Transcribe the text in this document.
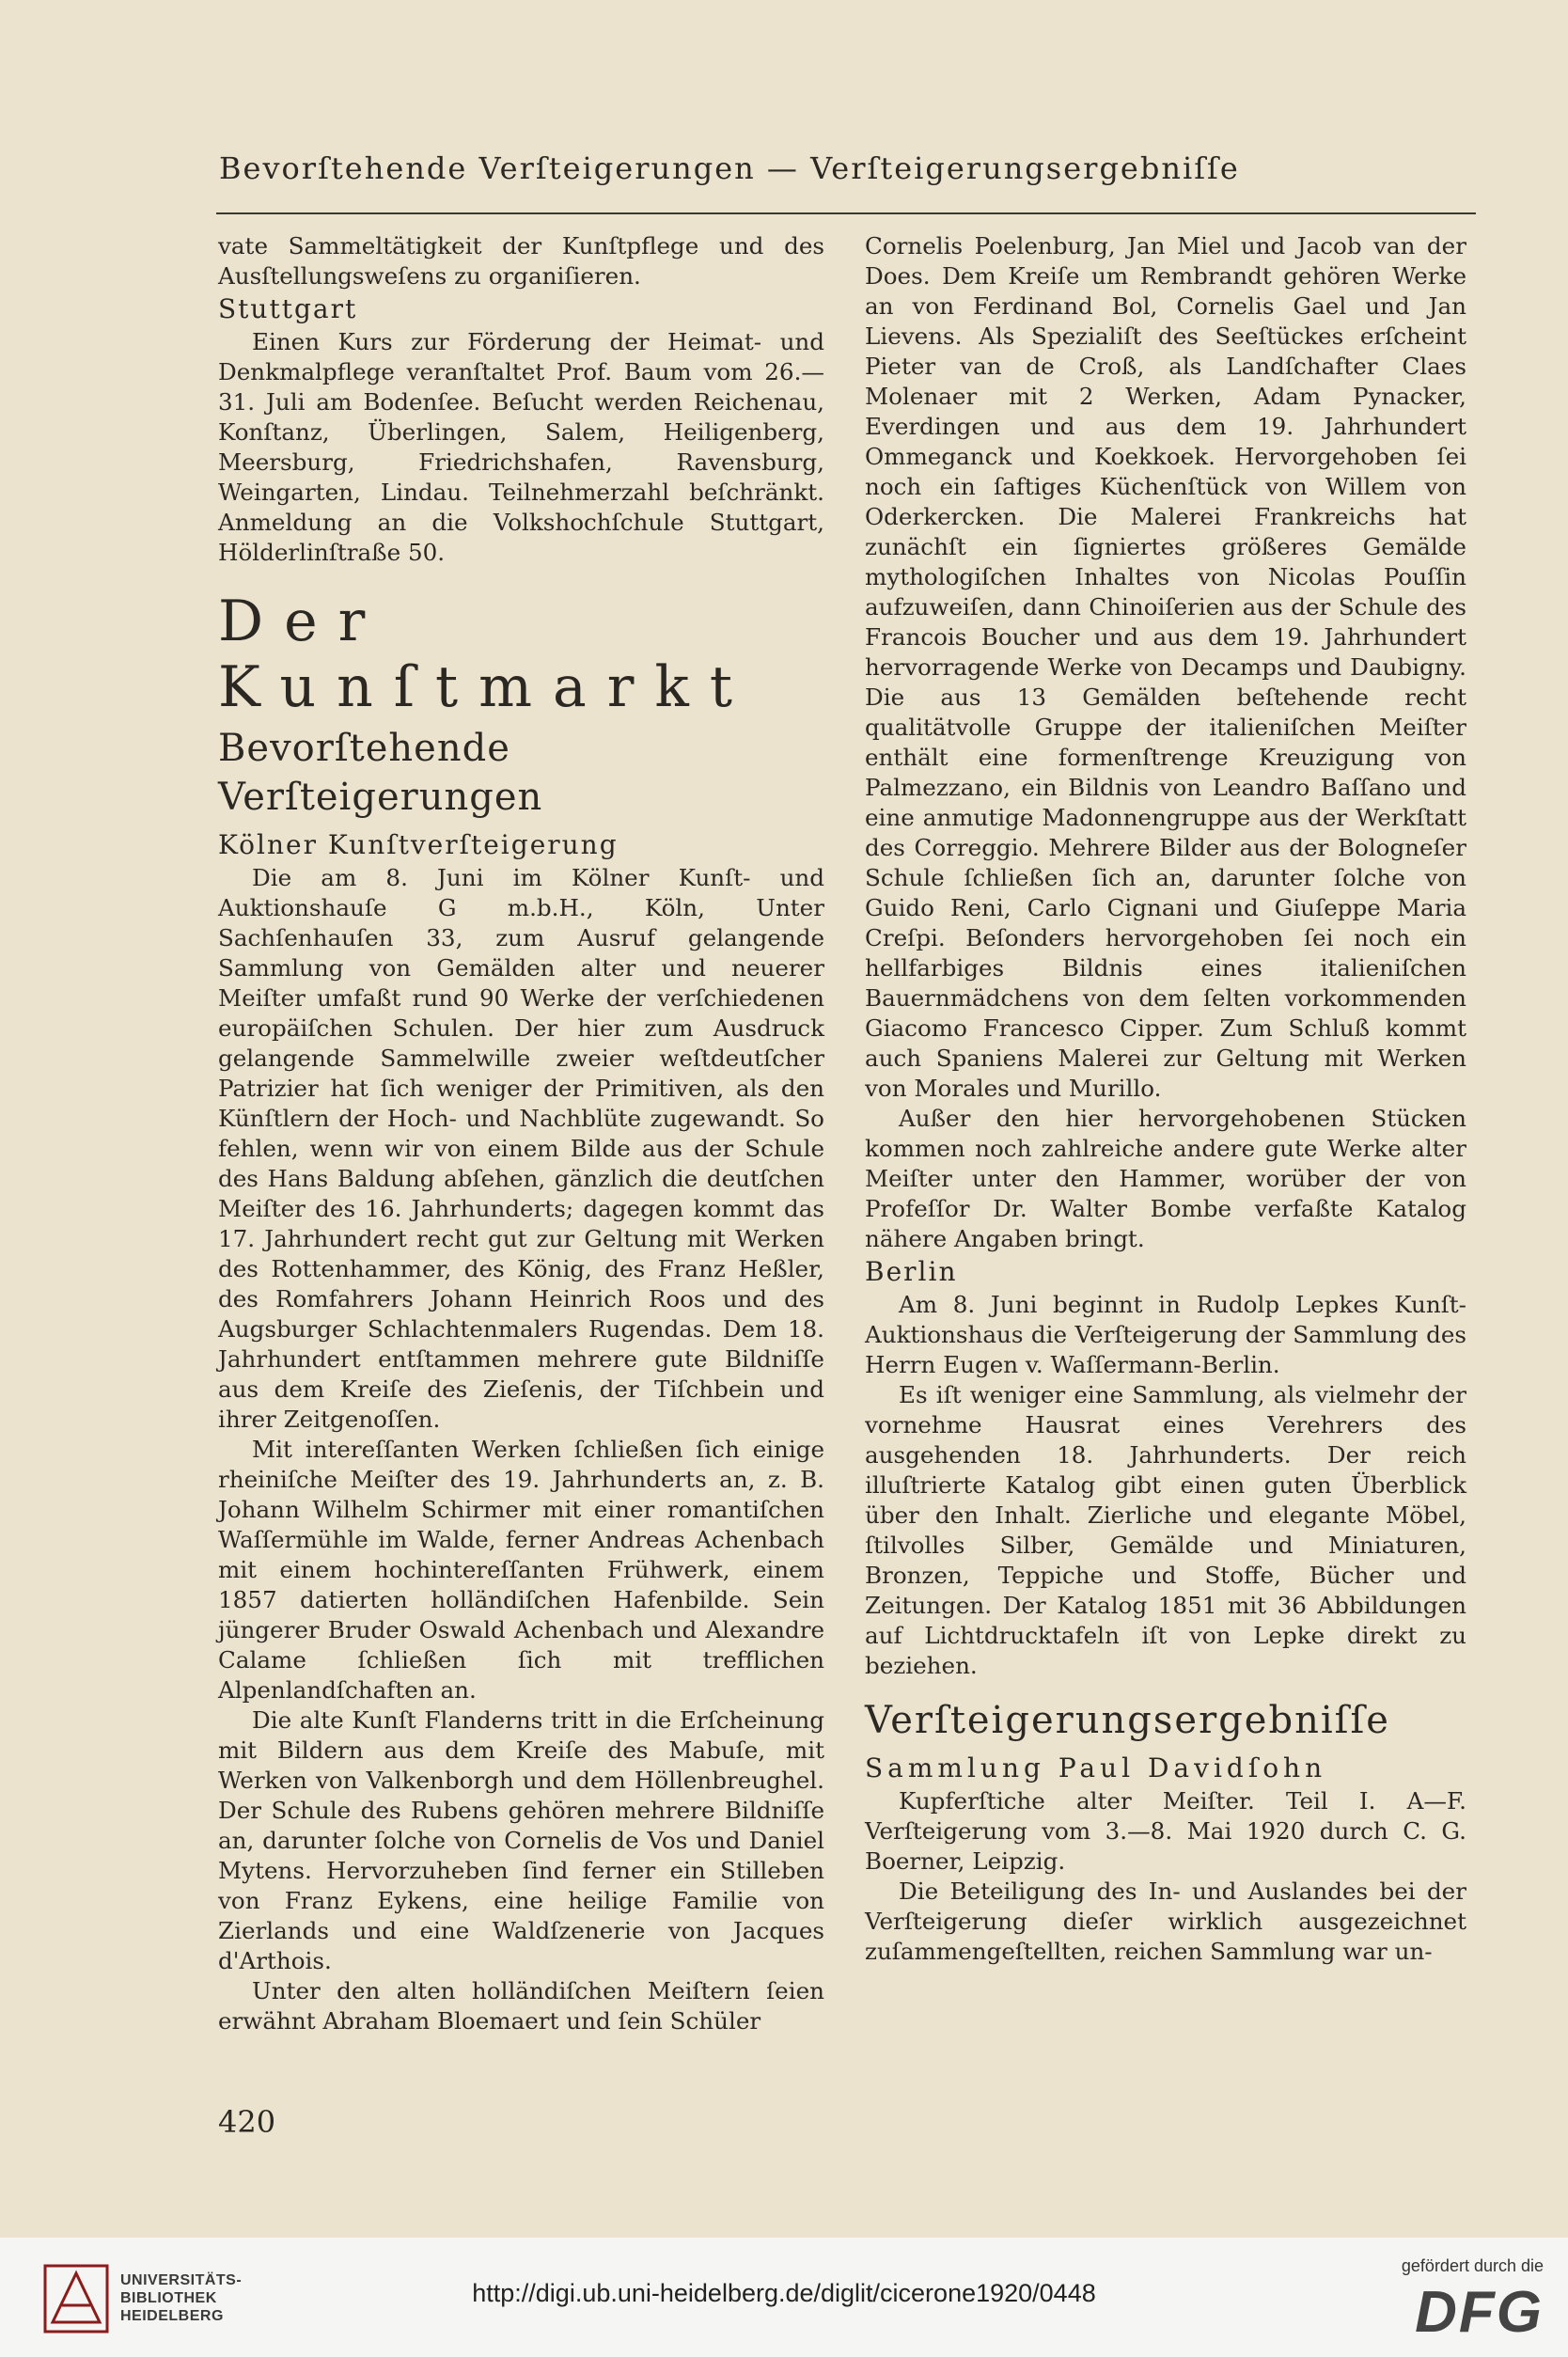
Bevorſtehende Verſteigerungen — Verſteigerungsergebniſſe

vate Sammeltätigkeit der Kunſtpflege und des Ausſtellungsweſens zu organiſieren.

Stuttgart

Einen Kurs zur Förderung der Heimat- und Denkmalpflege veranſtaltet Prof. Baum vom 26.—31. Juli am Bodenſee. Beſucht werden Reichenau, Konſtanz, Überlingen, Salem, Heiligenberg, Meersburg, Friedrichshafen, Ravensburg, Weingarten, Lindau. Teilnehmerzahl beſchränkt. Anmeldung an die Volkshochſchule Stuttgart, Hölderlinſtraße 50.

Der Kunſtmarkt
Bevorſtehende Verſteigerungen
Kölner Kunſtverſteigerung

Die am 8. Juni im Kölner Kunſt- und Auktionshauſe G m.b.H., Köln, Unter Sachſenhauſen 33, zum Ausruf gelangende Sammlung von Gemälden alter und neuerer Meiſter umfaßt rund 90 Werke der verſchiedenen europäiſchen Schulen. Der hier zum Ausdruck gelangende Sammelwille zweier weſtdeutſcher Patrizier hat ſich weniger der Primitiven, als den Künſtlern der Hoch- und Nachblüte zugewandt. So fehlen, wenn wir von einem Bilde aus der Schule des Hans Baldung abſehen, gänzlich die deutſchen Meiſter des 16. Jahrhunderts; dagegen kommt das 17. Jahrhundert recht gut zur Geltung mit Werken des Rottenhammer, des König, des Franz Heßler, des Romfahrers Johann Heinrich Roos und des Augsburger Schlachtenmalers Rugendas. Dem 18. Jahrhundert entſtammen mehrere gute Bildniſſe aus dem Kreiſe des Zieſenis, der Tiſchbein und ihrer Zeitgenoſſen.

Mit intereſſanten Werken ſchließen ſich einige rheiniſche Meiſter des 19. Jahrhunderts an, z. B. Johann Wilhelm Schirmer mit einer romantiſchen Waſſermühle im Walde, ferner Andreas Achenbach mit einem hochintereſſanten Frühwerk, einem 1857 datierten holländiſchen Hafenbilde. Sein jüngerer Bruder Oswald Achenbach und Alexandre Calame ſchließen ſich mit trefflichen Alpenlandſchaften an.

Die alte Kunſt Flanderns tritt in die Erſcheinung mit Bildern aus dem Kreiſe des Mabuſe, mit Werken von Valkenborgh und dem Höllenbreughel. Der Schule des Rubens gehören mehrere Bildniſſe an, darunter ſolche von Cornelis de Vos und Daniel Mytens. Hervorzuheben ſind ferner ein Stilleben von Franz Eykens, eine heilige Familie von Zierlands und eine Waldſzenerie von Jacques d'Arthois.

Unter den alten holländiſchen Meiſtern ſeien erwähnt Abraham Bloemaert und ſein Schüler

Cornelis Poelenburg, Jan Miel und Jacob van der Does. Dem Kreiſe um Rembrandt gehören Werke an von Ferdinand Bol, Cornelis Gael und Jan Lievens. Als Spezialiſt des Seeſtückes erſcheint Pieter van de Croß, als Landſchafter Claes Molenaer mit 2 Werken, Adam Pynacker, Everdingen und aus dem 19. Jahrhundert Ommeganck und Koekkoek. Hervorgehoben ſei noch ein ſaftiges Küchenſtück von Willem von Oderkercken. Die Malerei Frankreichs hat zunächſt ein ſigniertes größeres Gemälde mythologiſchen Inhaltes von Nicolas Pouſſin aufzuweiſen, dann Chinoiſerien aus der Schule des Francois Boucher und aus dem 19. Jahrhundert hervorragende Werke von Decamps und Daubigny. Die aus 13 Gemälden beſtehende recht qualitätvolle Gruppe der italieniſchen Meiſter enthält eine formenſtrenge Kreuzigung von Palmezzano, ein Bildnis von Leandro Baſſano und eine anmutige Madonnengruppe aus der Werkſtatt des Correggio. Mehrere Bilder aus der Bologneſer Schule ſchließen ſich an, darunter ſolche von Guido Reni, Carlo Cignani und Giuſeppe Maria Creſpi. Beſonders hervorgehoben ſei noch ein hellfarbiges Bildnis eines italieniſchen Bauernmädchens von dem ſelten vorkommenden Giacomo Francesco Cipper. Zum Schluß kommt auch Spaniens Malerei zur Geltung mit Werken von Morales und Murillo.

Außer den hier hervorgehobenen Stücken kommen noch zahlreiche andere gute Werke alter Meiſter unter den Hammer, worüber der von Profeſſor Dr. Walter Bombe verfaßte Katalog nähere Angaben bringt.

Berlin

Am 8. Juni beginnt in Rudolp Lepkes Kunſt-Auktionshaus die Verſteigerung der Sammlung des Herrn Eugen v. Waſſermann-Berlin.

Es iſt weniger eine Sammlung, als vielmehr der vornehme Hausrat eines Verehrers des ausgehenden 18. Jahrhunderts. Der reich illuſtrierte Katalog gibt einen guten Überblick über den Inhalt. Zierliche und elegante Möbel, ſtilvolles Silber, Gemälde und Miniaturen, Bronzen, Teppiche und Stoffe, Bücher und Zeitungen. Der Katalog 1851 mit 36 Abbildungen auf Lichtdrucktafeln iſt von Lepke direkt zu beziehen.

Verſteigerungsergebniſſe
Sammlung Paul Davidſohn

Kupferſtiche alter Meiſter. Teil I. A—F. Verſteigerung vom 3.—8. Mai 1920 durch C. G. Boerner, Leipzig.

Die Beteiligung des In- und Auslandes bei der Verſteigerung dieſer wirklich ausgezeichnet zuſammengeſtellten, reichen Sammlung war un-

420
UNIVERSITÄTS-
BIBLIOTHEK
HEIDELBERG
http://digi.ub.uni-heidelberg.de/diglit/cicerone1920/0448
gefördert durch die
DFG
